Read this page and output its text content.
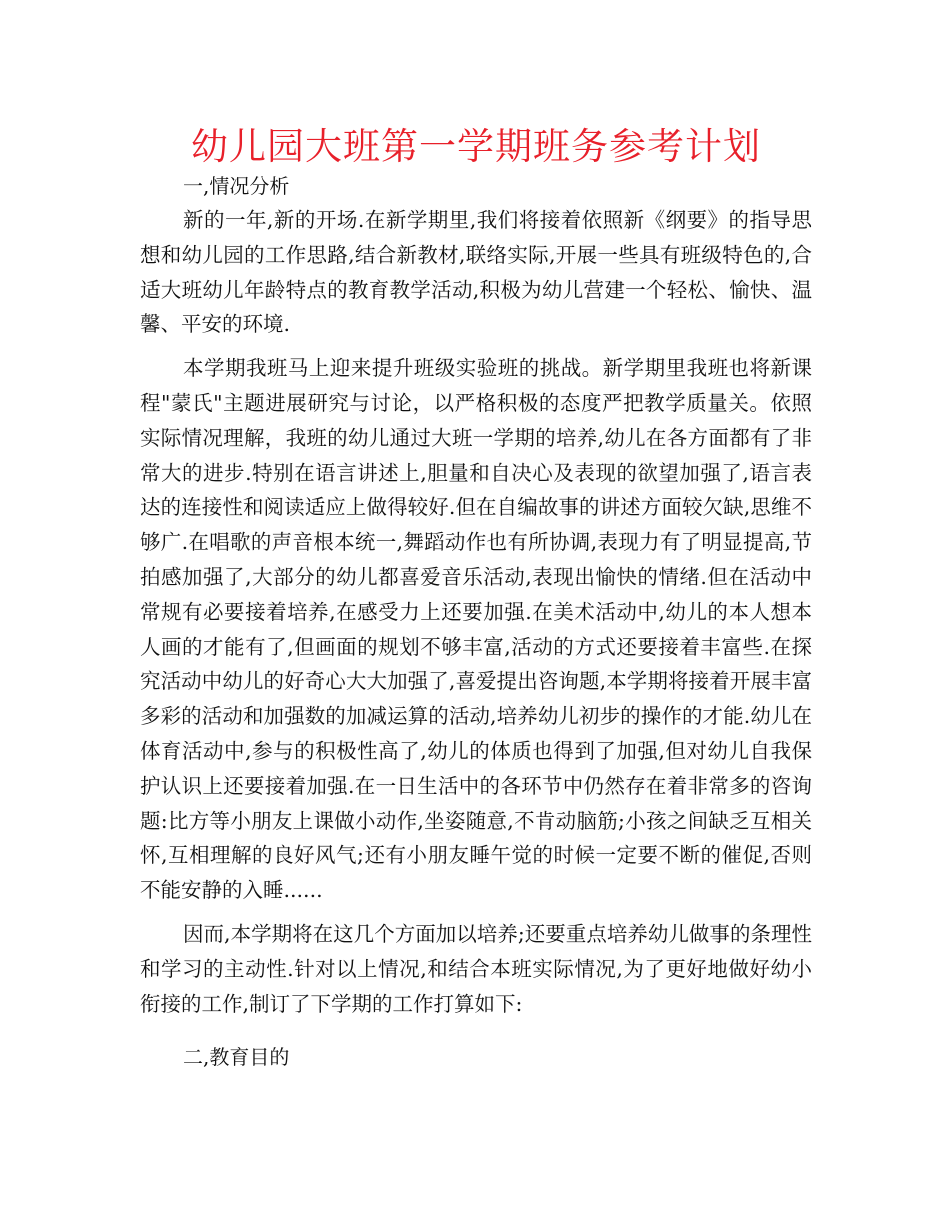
幼儿园大班第一学期班务参考计划
一,情况分析

新的一年,新的开场.在新学期里,我们将接着依照新《纲要》的指导思想和幼儿园的工作思路,结合新教材,联络实际,开展一些具有班级特色的,合适大班幼儿年龄特点的教育教学活动,积极为幼儿营建一个轻松、愉快、温馨、平安的环境.

本学期我班马上迎来提升班级实验班的挑战。新学期里我班也将新课程"蒙氏"主题进展研究与讨论，以严格积极的态度严把教学质量关。依照实际情况理解，我班的幼儿通过大班一学期的培养,幼儿在各方面都有了非常大的进步.特别在语言讲述上,胆量和自决心及表现的欲望加强了,语言表达的连接性和阅读适应上做得较好.但在自编故事的讲述方面较欠缺,思维不够广.在唱歌的声音根本统一,舞蹈动作也有所协调,表现力有了明显提高,节拍感加强了,大部分的幼儿都喜爱音乐活动,表现出愉快的情绪.但在活动中常规有必要接着培养,在感受力上还要加强.在美术活动中,幼儿的本人想本人画的才能有了,但画面的规划不够丰富,活动的方式还要接着丰富些.在探究活动中幼儿的好奇心大大加强了,喜爱提出咨询题,本学期将接着开展丰富多彩的活动和加强数的加减运算的活动,培养幼儿初步的操作的才能.幼儿在体育活动中,参与的积极性高了,幼儿的体质也得到了加强,但对幼儿自我保护认识上还要接着加强.在一日生活中的各环节中仍然存在着非常多的咨询题:比方等小朋友上课做小动作,坐姿随意,不肯动脑筋;小孩之间缺乏互相关怀,互相理解的良好风气;还有小朋友睡午觉的时候一定要不断的催促,否则不能安静的入睡......

因而,本学期将在这几个方面加以培养;还要重点培养幼儿做事的条理性和学习的主动性.针对以上情况,和结合本班实际情况,为了更好地做好幼小衔接的工作,制订了下学期的工作打算如下:

二,教育目的
